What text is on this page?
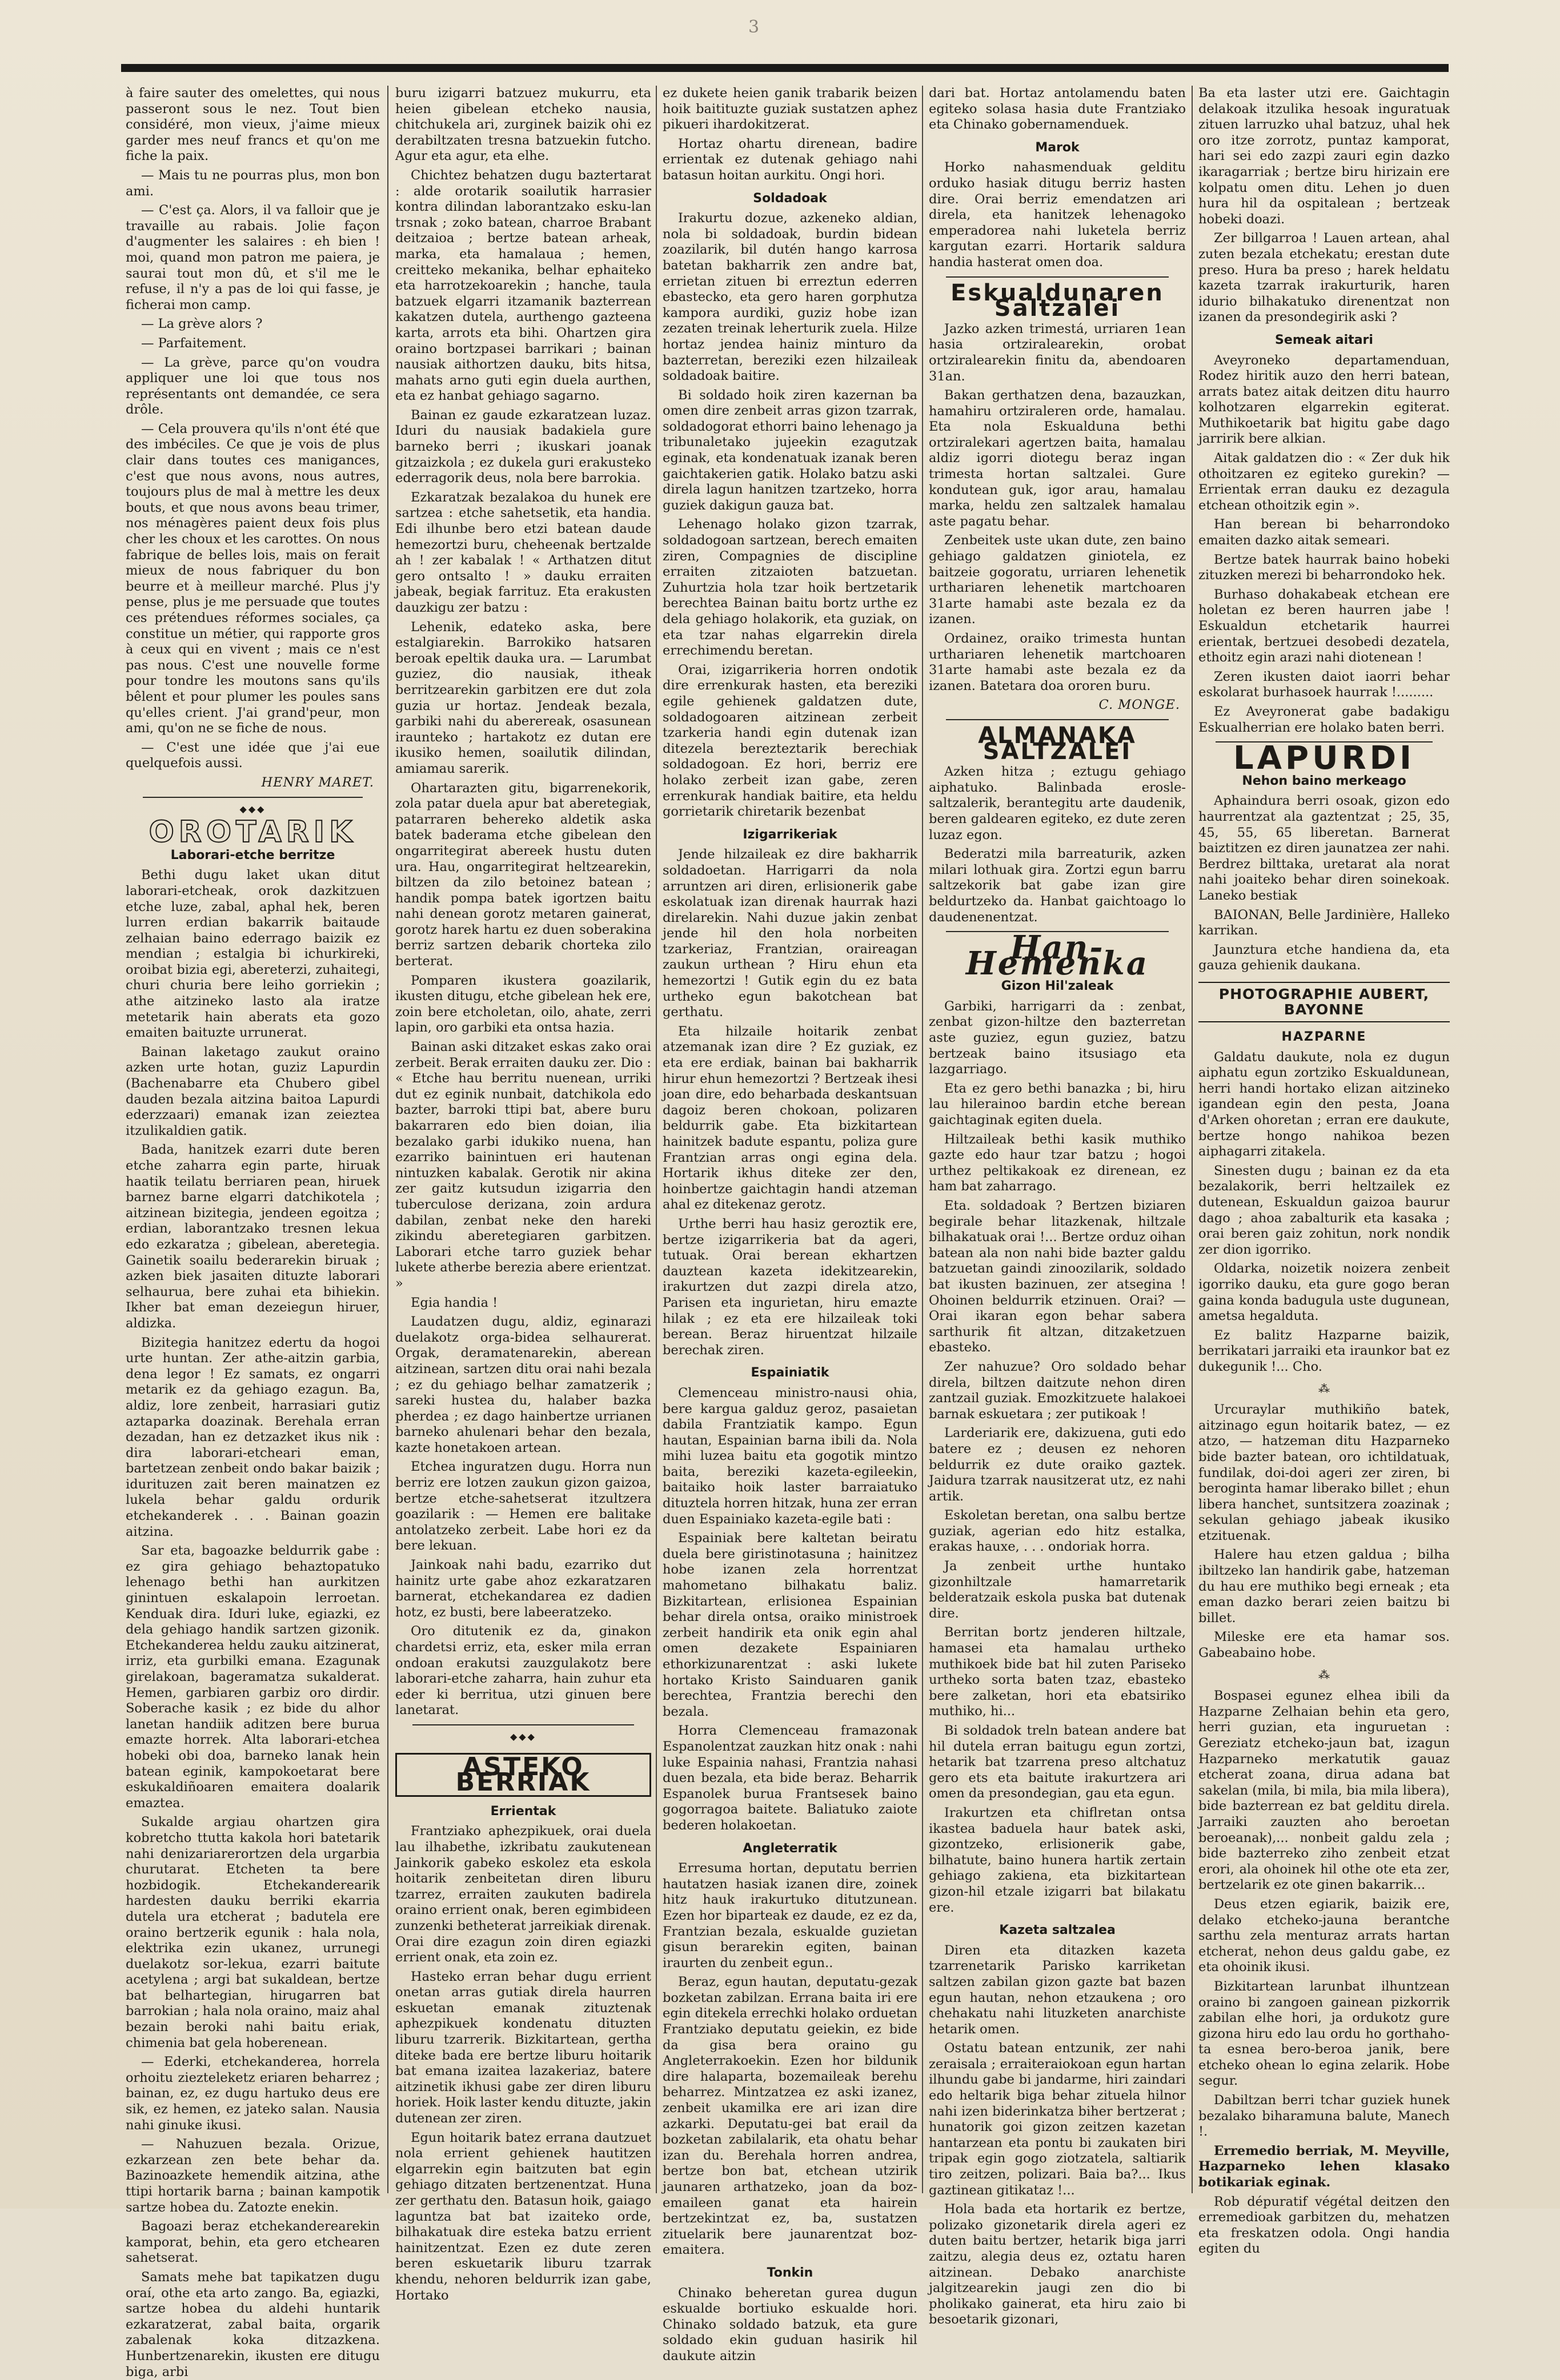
3

à faire sauter des omelettes, qui nous passeront sous le nez. Tout bien considéré, mon vieux, j'aime mieux garder mes neuf francs et qu'on me fiche la paix.

— Mais tu ne pourras plus, mon bon ami.

— C'est ça. Alors, il va falloir que je travaille au rabais. Jolie façon d'augmenter les salaires : eh bien ! moi, quand mon patron me paiera, je saurai tout mon dû, et s'il me le refuse, il n'y a pas de loi qui fasse, je ficherai mon camp.

— La grève alors ?

— Parfaitement.

— La grève, parce qu'on voudra appliquer une loi que tous nos représentants ont demandée, ce sera drôle.

— Cela prouvera qu'ils n'ont été que des imbéciles. Ce que je vois de plus clair dans toutes ces manigances, c'est que nous avons, nous autres, toujours plus de mal à mettre les deux bouts, et que nous avons beau trimer, nos ménagères paient deux fois plus cher les choux et les carottes. On nous fabrique de belles lois, mais on ferait mieux de nous fabriquer du bon beurre et à meilleur marché. Plus j'y pense, plus je me persuade que toutes ces prétendues réformes sociales, ça constitue un métier, qui rapporte gros à ceux qui en vivent ; mais ce n'est pas nous. C'est une nouvelle forme pour tondre les moutons sans qu'ils bêlent et pour plumer les poules sans qu'elles crient. J'ai grand'peur, mon ami, qu'on ne se fiche de nous.

— C'est une idée que j'ai eue quelquefois aussi.

HENRY MARET.
◆◆◆
OROTARIK
Laborari-etche berritze

Bethi dugu laket ukan ditut laborari-etcheak, orok dazkitzuen etche luze, zabal, aphal hek, beren lurren erdian bakarrik baitaude zelhaian baino ederrago baizik ez mendian ; estalgia bi ichurkireki, oroibat bizia egi, abereterzi, zuhaitegi, churi churia bere leiho gorriekin ; athe aitzineko lasto ala iratze metetarik hain aberats eta gozo emaiten baituzte urrunerat.

Bainan laketago zaukut oraino azken urte hotan, guziz Lapurdin (Bachenabarre eta Chubero gibel dauden bezala aitzina baitoa Lapurdi ederzzaari) emanak izan zeieztea itzulikaldien gatik.

Bada, hanitzek ezarri dute beren etche zaharra egin parte, hiruak haatik teilatu berriaren pean, hiruek barnez barne elgarri datchikotela ; aitzinean bizitegia, jendeen egoitza ; erdian, laborantzako tresnen lekua edo ezkaratza ; gibelean, aberetegia. Gainetik soailu bederarekin biruak ; azken biek jasaiten dituzte laborari selhaurua, bere zuhai eta bihiekin. Ikher bat eman dezeiegun hiruer, aldizka.

Bizitegia hanitzez edertu da hogoi urte huntan. Zer athe-aitzin garbia, dena legor ! Ez samats, ez ongarri metarik ez da gehiago ezagun. Ba, aldiz, lore zenbeit, harrasiari gutiz aztaparka doazinak. Berehala erran dezadan, han ez detzazket ikus nik : dira laborari-etcheari eman, bartetzean zenbeit ondo bakar baizik ; idurituzen zait beren mainatzen ez lukela behar galdu ordurik etchekanderek . . . Bainan goazin aitzina.

Sar eta, bagoazke beldurrik gabe : ez gira gehiago behaztopatuko lehenago bethi han aurkitzen ginintuen eskalapoin lerroetan. Kenduak dira. Iduri luke, egiazki, ez dela gehiago handik sartzen gizonik. Etchekanderea heldu zauku aitzinerat, irriz, eta gurbilki emana. Ezagunak girelakoan, bageramatza sukalderat. Hemen, garbiaren garbiz oro dirdir. Soberache kasik ; ez bide du alhor lanetan handiik aditzen bere burua emazte horrek. Alta laborari-etchea hobeki obi doa, barneko lanak hein batean eginik, kampokoetarat bere eskukaldiñoaren emaitera doalarik emaztea.

Sukalde argiau ohartzen gira kobretcho ttutta kakola hori batetarik nahi denizariarerortzen dela urgarbia churutarat. Etcheten ta bere hozbidogik. Etchekanderearik hardesten dauku berriki ekarria dutela ura etcherat ; badutela ere oraino bertzerik egunik : hala nola, elektrika ezin ukanez, urrunegi duelakotz sor-lekua, ezarri baitute acetylena ; argi bat sukaldean, bertze bat belhartegian, hirugarren bat barrokian ; hala nola oraino, maiz ahal bezain beroki nahi baitu eriak, chimenia bat gela hoberenean.

— Ederki, etchekanderea, horrela orhoitu ziezteleketz eriaren beharrez ; bainan, ez, ez dugu hartuko deus ere sik, ez hemen, ez jateko salan. Nausia nahi ginuke ikusi.

— Nahuzuen bezala. Orizue, ezkarzean zen bete behar da. Bazinoazkete hemendik aitzina, athe ttipi hortarik barna ; bainan kampotik sartze hobea du. Zatozte enekin.

Bagoazi beraz etchekanderearekin kamporat, behin, eta gero etchearen sahetserat.

Samats mehe bat tapikatzen dugu oraí, othe eta arto zango. Ba, egiazki, sartze hobea du aldehi huntarik ezkaratzerat, zabal baita, orgarik zabalenak koka ditzazkena. Hunbertzenarekin, ikusten ere ditugu biga, arbi

buru izigarri batzuez mukurru, eta heien gibelean etcheko nausia, chitchukela ari, zurginek baizik ohi ez derabiltzaten tresna batzuekin futcho. Agur eta agur, eta elhe.

Chichtez behatzen dugu baztertarat : alde orotarik soailutik harrasier kontra dilindan laborantzako esku-lan trsnak ; zoko batean, charroe Brabant deitzaioa ; bertze batean arheak, marka, eta hamalaua ; hemen, creitteko mekanika, belhar ephaiteko eta harrotzekoarekin ; hanche, taula batzuek elgarri itzamanik bazterrean kakatzen dutela, aurthengo gazteena karta, arrots eta bihi. Ohartzen gira oraino bortzpasei barrikari ; bainan nausiak aithortzen dauku, bits hitsa, mahats arno guti egin duela aurthen, eta ez hanbat gehiago sagarno.

Bainan ez gaude ezkaratzean luzaz. Iduri du nausiak badakiela gure barneko berri ; ikuskari joanak gitzaizkola ; ez dukela guri erakusteko ederragorik deus, nola bere barrokia.

Ezkaratzak bezalakoa du hunek ere sartzea : etche sahetsetik, eta handia. Edi ilhunbe bero etzi batean daude hemezortzi buru, cheheenak bertzalde ah ! zer kabalak ! « Arthatzen ditut gero ontsalto ! » dauku erraiten jabeak, begiak farrituz. Eta erakusten dauzkigu zer batzu :

Lehenik, edateko aska, bere estalgiarekin. Barrokiko hatsaren beroak epeltik dauka ura. — Larumbat guziez, dio nausiak, itheak berritzearekin garbitzen ere dut zola guzia ur hortaz. Jendeak bezala, garbiki nahi du aberereak, osasunean iraunteko ; hartakotz ez dutan ere ikusiko hemen, soailutik dilindan, amiamau sarerik.

Ohartarazten gitu, bigarrenekorik, zola patar duela apur bat aberetegiak, patarraren behereko aldetik aska batek baderama etche gibelean den ongarritegirat abereek hustu duten ura. Hau, ongarritegirat heltzearekin, biltzen da zilo betoinez batean ; handik pompa batek igortzen baitu nahi denean gorotz metaren gainerat, gorotz harek hartu ez duen soberakina berriz sartzen debarik chorteka zilo berterat.

Pomparen ikustera goazilarik, ikusten ditugu, etche gibelean hek ere, zoin bere etcholetan, oilo, ahate, zerri lapin, oro garbiki eta ontsa hazia.

Bainan aski ditzaket eskas zako orai zerbeit. Berak erraiten dauku zer. Dio : « Etche hau berritu nuenean, urriki dut ez eginik nunbait, datchikola edo bazter, barroki ttipi bat, abere buru bakarraren edo bien doian, ilia bezalako garbi idukiko nuena, han ezarriko bainintuen eri hautenan nintuzken kabalak. Gerotik nir akina zer gaitz kutsudun izigarria den tuberculose derizana, zoin ardura dabilan, zenbat neke den hareki zikindu aberetegiaren garbitzen. Laborari etche tarro guziek behar lukete atherbe berezia abere erientzat. »

Egia handia !

Laudatzen dugu, aldiz, eginarazi duelakotz orga-bidea selhaurerat. Orgak, deramatenarekin, aberean aitzinean, sartzen ditu orai nahi bezala ; ez du gehiago belhar zamatzerik ; sareki hustea du, halaber bazka pherdea ; ez dago hainbertze urrianen barneko ahulenari behar den bezala, kazte honetakoen artean.

Etchea inguratzen dugu. Horra nun berriz ere lotzen zaukun gizon gaizoa, bertze etche-sahetserat itzultzera goazilarik : — Hemen ere balitake antolatzeko zerbeit. Labe hori ez da bere lekuan.

Jainkoak nahi badu, ezarriko dut hainitz urte gabe ahoz ezkaratzaren barnerat, etchekandarea ez dadien hotz, ez busti, bere labeeratzeko.

Oro ditutenik ez da, ginakon chardetsi erriz, eta, esker mila erran ondoan erakutsi zauzgulakotz bere laborari-etche zaharra, hain zuhur eta eder ki berritua, utzi ginuen bere lanetarat.

◆◆◆
ASTEKO BERRIAK
Errientak

Frantziako aphezpikuek, orai duela lau ilhabethe, izkribatu zaukutenean Jainkorik gabeko eskolez eta eskola hoitarik zenbeitetan diren liburu tzarrez, erraiten zaukuten badirela oraino errient onak, beren egimbideen zunzenki betheterat jarreikiak direnak. Orai dire ezagun zoin diren egiazki errient onak, eta zoin ez.

Hasteko erran behar dugu errient onetan arras gutiak direla haurren eskuetan emanak zituztenak aphezpikuek kondenatu dituzten liburu tzarrerik. Bizkitartean, gertha diteke bada ere bertze liburu hoitarik bat emana izaitea lazakeriaz, batere aitzinetik ikhusi gabe zer diren liburu horiek. Hoik laster kendu dituzte, jakin dutenean zer ziren.

Egun hoitarik batez errana dautzuet nola errient gehienek hautitzen elgarrekin egin baitzuten bat egin gehiago ditzaten bertzenentzat. Huna zer gerthatu den. Batasun hoik, gaiago laguntza bat bat izaiteko orde, bilhakatuak dire esteka batzu errient hainitzentzat. Ezen ez dute zeren beren eskuetarik liburu tzarrak khendu, nehoren beldurrik izan gabe, Hortako

ez dukete heien ganik trabarik beizen hoik baitituzte guziak sustatzen aphez pikueri ihardokitzerat.

Hortaz ohartu direnean, badire errientak ez dutenak gehiago nahi batasun hoitan aurkitu. Ongi hori.

Soldadoak

Irakurtu dozue, azkeneko aldian, nola bi soldadoak, burdin bidean zoazilarik, bil dutén hango karrosa batetan bakharrik zen andre bat, errietan zituen bi erreztun ederren ebastecko, eta gero haren gorphutza kampora aurdiki, guziz hobe izan zezaten treinak leherturik zuela. Hilze hortaz jendea hainiz minturo da bazterretan, bereziki ezen hilzaileak soldadoak baitire.

Bi soldado hoik ziren kazernan ba omen dire zenbeit arras gizon tzarrak, soldadogorat ethorri baino lehenago ja tribunaletako jujeekin ezagutzak eginak, eta kondenatuak izanak beren gaichtakerien gatik. Holako batzu aski direla lagun hanitzen tzartzeko, horra guziek dakigun gauza bat.

Lehenago holako gizon tzarrak, soldadogoan sartzean, berech emaiten ziren, Compagnies de discipline erraiten zitzaioten batzuetan. Zuhurtzia hola tzar hoik bertzetarik berechtea Bainan baitu bortz urthe ez dela gehiago holakorik, eta guziak, on eta tzar nahas elgarrekin direla errechimendu beretan.

Orai, izigarrikeria horren ondotik dire errenkurak hasten, eta bereziki egile gehienek galdatzen dute, soldadogoaren aitzinean zerbeit tzarkeria handi egin dutenak izan ditezela berezteztarik berechiak soldadogoan. Ez hori, berriz ere holako zerbeit izan gabe, zeren errenkurak handiak baitire, eta heldu gorrietarik chiretarik bezenbat

Izigarrikeriak

Jende hilzaileak ez dire bakharrik soldadoetan. Harrigarri da nola arruntzen ari diren, erlisionerik gabe eskolatuak izan direnak haurrak hazi direlarekin. Nahi duzue jakin zenbat jende hil den hola norbeiten tzarkeriaz, Frantzian, oraireagan zaukun urthean ? Hiru ehun eta hemezortzi ! Gutik egin du ez bata urtheko egun bakotchean bat gerthatu.

Eta hilzaile hoitarik zenbat atzemanak izan dire ? Ez guziak, ez eta ere erdiak, bainan bai bakharrik hirur ehun hemezortzi ? Bertzeak ihesi joan dire, edo beharbada deskantsuan dagoiz beren chokoan, polizaren beldurrik gabe. Eta bizkitartean hainitzek badute espantu, poliza gure Frantzian arras ongi egina dela. Hortarik ikhus diteke zer den, hoinbertze gaichtagin handi atzeman ahal ez ditekenaz gerotz.

Urthe berri hau hasiz geroztik ere, bertze izigarrikeria bat da ageri, tutuak. Orai berean ekhartzen dauztean kazeta idekitzearekin, irakurtzen dut zazpi direla atzo, Parisen eta ingurietan, hiru emazte hilak ; ez eta ere hilzaileak toki berean. Beraz hiruentzat hilzaile berechak ziren.

Espainiatik

Clemenceau ministro-nausi ohia, bere kargua galduz geroz, pasaietan dabila Frantziatik kampo. Egun hautan, Espainian barna ibili da. Nola mihi luzea baitu eta gogotik mintzo baita, bereziki kazeta-egileekin, baitaiko hoik laster barraiatuko dituztela horren hitzak, huna zer erran duen Espainiako kazeta-egile bati :

Espainiak bere kaltetan beiratu duela bere giristinotasuna ; hainitzez hobe izanen zela horrentzat mahometano bilhakatu baliz. Bizkitartean, erlisionea Espainian behar direla ontsa, oraiko ministroek zerbeit handirik eta onik egin ahal omen dezakete Espainiaren ethorkizunarentzat : aski lukete hortako Kristo Sainduaren ganik berechtea, Frantzia berechi den bezala.

Horra Clemenceau framazonak Espanolentzat zauzkan hitz onak : nahi luke Espainia nahasi, Frantzia nahasi duen bezala, eta bide beraz. Beharrik Espanolek burua Frantsesek baino gogorragoa baitete. Baliatuko zaiote bederen holakoetan.

Angleterratik

Erresuma hortan, deputatu berrien hautatzen hasiak izanen dire, zoinek hitz hauk irakurtuko ditutzunean. Ezen hor biparteak ez daude, ez ez da, Frantzian bezala, eskualde guzietan gisun berarekin egiten, bainan iraurten du zenbeit egun..

Beraz, egun hautan, deputatu-gezak bozketan zabilzan. Errana baita iri ere egin ditekela errechki holako orduetan Frantziako deputatu geiekin, ez bide da gisa bera oraino gu Angleterrakoekin. Ezen hor bildunik dire halaparta, bozemaileak berehu beharrez. Mintzatzea ez aski izanez, zenbeit ukamilka ere ari izan dire azkarki. Deputatu-gei bat erail da bozketan zabilalarik, eta ohatu behar izan du. Berehala horren andrea, bertze bon bat, etchean utzirik jaunaren arthatzeko, joan da boz-emaileen ganat eta hairein bertzekintzat ez, ba, sustatzen zituelarik bere jaunarentzat boz-emaitera.

Tonkin

Chinako beheretan gurea dugun eskualde bortiuko eskualde hori. Chinako soldado batzuk, eta gure soldado ekin guduan hasirik hil daukute aitzin

dari bat. Hortaz antolamendu baten egiteko solasa hasia dute Frantziako eta Chinako gobernamenduek.

Marok

Horko nahasmenduak gelditu orduko hasiak ditugu berriz hasten dire. Orai berriz emendatzen ari direla, eta hanitzek lehenagoko emperadorea nahi luketela berriz kargutan ezarri. Hortarik saldura handia hasterat omen doa.

Eskualdunaren Saltzalei

Jazko azken trimestá, urriaren 1ean hasia ortziralearekin, orobat ortziralearekin finitu da, abendoaren 31an.

Bakan gerthatzen dena, bazauzkan, hamahiru ortziraleren orde, hamalau. Eta nola Eskualduna bethi ortziralekari agertzen baita, hamalau aldiz igorri diotegu beraz ingan trimesta hortan saltzalei. Gure kondutean guk, igor arau, hamalau marka, heldu zen saltzalek hamalau aste pagatu behar.

Zenbeitek uste ukan dute, zen baino gehiago galdatzen giniotela, ez baitzeie gogoratu, urriaren lehenetik urthariaren lehenetik martchoaren 31arte hamabi aste bezala ez da izanen.

Ordainez, oraiko trimesta huntan urthariaren lehenetik martchoaren 31arte hamabi aste bezala ez da izanen. Batetara doa ororen buru.

C. MONGE.
ALMANAKA SALTZALEI

Azken hitza ; eztugu gehiago aiphatuko. Balinbada erosle-saltzalerik, berantegitu arte daudenik, beren galdearen egiteko, ez dute zeren luzaz egon.

Bederatzi mila barreaturik, azken milari lothuak gira. Zortzi egun barru saltzekorik bat gabe izan gire beldurtzeko da. Hanbat gaichtoago lo daudenenentzat.

Han-Hemenka
Gizon Hil'zaleak

Garbiki, harrigarri da : zenbat, zenbat gizon-hiltze den bazterretan aste guziez, egun guziez, batzu bertzeak baino itsusiago eta lazgarriago.

Eta ez gero bethi banazka ; bi, hiru lau hilerainoo bardin etche berean gaichtaginak egiten duela.

Hiltzaileak bethi kasik muthiko gazte edo haur tzar batzu ; hogoi urthez peltikakoak ez direnean, ez ham bat zaharrago.

Eta. soldadoak ? Bertzen biziaren begirale behar litazkenak, hiltzale bilhakatuak orai !... Bertze orduz oihan batean ala non nahi bide bazter galdu batzuetan gaindi zinoozilarik, soldado bat ikusten bazinuen, zer atsegina ! Ohoinen beldurrik etzinuen. Orai? — Orai ikaran egon behar sabera sarthurik fit altzan, ditzaketzuen ebasteko.

Zer nahuzue? Oro soldado behar direla, biltzen daitzute nehon diren zantzail guziak. Emozkitzuete halakoei barnak eskuetara ; zer putikoak !

Larderiarik ere, dakizuena, guti edo batere ez ; deusen ez nehoren beldurrik ez dute oraiko gaztek. Jaidura tzarrak nausitzerat utz, ez nahi artik.

Eskoletan beretan, ona salbu bertze guziak, agerian edo hitz estalka, erakas hauxe, . . . ondoriak horra.

Ja zenbeit urthe huntako gizonhiltzale hamarretarik belderatzaik eskola puska bat dutenak dire.

Berritan bortz jenderen hiltzale, hamasei eta hamalau urtheko muthikoek bide bat hil zuten Pariseko urtheko sorta baten tzaz, ebasteko bere zalketan, hori eta ebatsiriko muthiko, hi...

Bi soldadok treln batean andere bat hil dutela erran baitugu egun zortzi, hetarik bat tzarrena preso altchatuz gero ets eta baitute irakurtzera ari omen da presondegian, gau eta egun.

Irakurtzen eta chiflretan ontsa ikastea baduela haur batek aski, gizontzeko, erlisionerik gabe, bilhatute, baino hunera hartik zertain gehiago zakiena, eta bizkitartean gizon-hil etzale izigarri bat bilakatu ere.

Kazeta saltzalea

Diren eta ditazken kazeta tzarrenetarik Parisko karriketan saltzen zabilan gizon gazte bat bazen egun hautan, nehon etzaukena ; oro chehakatu nahi lituzketen anarchiste hetarik omen.

Ostatu batean entzunik, zer nahi zeraisala ; erraiteraiokoan egun hartan ilhundu gabe bi jandarme, hiri zaindari edo heltarik biga behar zituela hilnor nahi izen biderinkatza biher bertzerat ; hunatorik goi gizon zeitzen kazetan hantarzean eta pontu bi zaukaten biri tripak egin gogo ziotzatela, saltiarik tiro zeitzen, polizari. Baia ba?... Ikus gaztinean gitikataz !...

Hola bada eta hortarik ez bertze, polizako gizonetarik direla ageri ez duten baitu bertzer, hetarik biga jarri zaitzu, alegia deus ez, oztatu haren aitzinean. Debako anarchiste jalgitzearekin jaugi zen dio bi pholikako gainerat, eta hiru zaio bi besoetarik gizonari,

Ba eta laster utzi ere. Gaichtagin delakoak itzulika hesoak inguratuak zituen larruzko uhal batzuz, uhal hek oro itze zorrotz, puntaz kamporat, hari sei edo zazpi zauri egin dazko ikaragarriak ; bertze biru hirizain ere kolpatu omen ditu. Lehen jo duen hura hil da ospitalean ; bertzeak hobeki doazi.

Zer billgarroa ! Lauen artean, ahal zuten bezala etchekatu; erestan dute preso. Hura ba preso ; harek heldatu kazeta tzarrak irakurturik, haren idurio bilhakatuko direnentzat non izanen da presondegirik aski ?

Semeak aitari

Aveyroneko departamenduan, Rodez hiritik auzo den herri batean, arrats batez aitak deitzen ditu haurro kolhotzaren elgarrekin egiterat. Muthikoetarik bat higitu gabe dago jarririk bere alkian.

Aitak galdatzen dio : « Zer duk hik othoitzaren ez egiteko gurekin? — Errientak erran dauku ez dezagula etchean othoitzik egin ».

Han berean bi beharrondoko emaiten dazko aitak semeari.

Bertze batek haurrak baino hobeki zituzken merezi bi beharrondoko hek.

Burhaso dohakabeak etchean ere holetan ez beren haurren jabe ! Eskualdun etchetarik haurrei erientak, bertzuei desobedi dezatela, ethoitz egin arazi nahi diotenean !

Zeren ikusten daiot iaorri behar eskolarat burhasoek haurrak !.........

Ez Aveyronerat gabe badakigu Eskualherrian ere holako baten berri.

LAPURDI
Nehon baino merkeago

Aphaindura berri osoak, gizon edo haurrentzat ala gaztentzat ; 25, 35, 45, 55, 65 liberetan. Barnerat baiztitzen ez diren jaunatzea zer nahi. Berdrez bilttaka, uretarat ala norat nahi joaiteko behar diren soinekoak. Laneko bestiak

BAIONAN, Belle Jardinière, Halleko karrikan.

Jaunztura etche handiena da, eta gauza gehienik daukana.

PHOTOGRAPHIE AUBERT, BAYONNE
HAZPARNE

Galdatu daukute, nola ez dugun aiphatu egun zortziko Eskualdunean, herri handi hortako elizan aitzineko igandean egin den pesta, Joana d'Arken ohoretan ; erran ere daukute, bertze hongo nahikoa bezen aiphagarri zitakela.

Sinesten dugu ; bainan ez da eta bezalakorik, berri heltzailek ez dutenean, Eskualdun gaizoa baurur dago ; ahoa zabalturik eta kasaka ; orai beren gaiz zohitun, nork nondik zer dion igorriko.

Oldarka, noizetik noizera zenbeit igorriko dauku, eta gure gogo beran gaina konda badugula uste dugunean, ametsa hegalduta.

Ez balitz Hazparne baizik, berrikatari jarraiki eta iraunkor bat ez dukegunik !... Cho.

⁂

Urcuraylar muthikiño batek, aitzinago egun hoitarik batez, — ez atzo, — hatzeman ditu Hazparneko bide bazter batean, oro ichtildatuak, fundilak, doi-doi ageri zer ziren, bi beroginta hamar liberako billet ; ehun libera hanchet, suntsitzera zoazinak ; sekulan gehiago jabeak ikusiko etzituenak.

Halere hau etzen galdua ; bilha ibiltzeko lan handirik gabe, hatzeman du hau ere muthiko begi erneak ; eta eman dazko berari zeien baitzu bi billet.

Mileske ere eta hamar sos. Gabeabaino hobe.

⁂

Bospasei egunez elhea ibili da Hazparne Zelhaian behin eta gero, herri guzian, eta inguruetan : Gereziatz etcheko-jaun bat, izagun Hazparneko merkatutik gauaz etcherat zoana, dirua adana bat sakelan (mila, bi mila, bia mila libera), bide bazterrean ez bat gelditu direla. Jarraiki zauzten aho beroetan beroeanak),... nonbeit galdu zela ; bide bazterreko ziho zenbeit etzat erori, ala ohoinek hil othe ote eta zer, bertzelarik ez ote ginen bakarrik...

Deus etzen egiarik, baizik ere, delako etcheko-jauna berantche sarthu zela menturaz arrats hartan etcherat, nehon deus galdu gabe, ez eta ohoinik ikusi.

Bizkitartean larunbat ilhuntzean oraino bi zangoen gainean pizkorrik zabilan elhe hori, ja ordukotz gure gizona hiru edo lau ordu ho gorthaho-ta esnea bero-beroa janik, bere etcheko ohean lo egina zelarik. Hobe segur.

Dabiltzan berri tchar guziek hunek bezalako biharamuna balute, Manech !.

Erremedio berriak, M. Meyville, Hazparneko lehen klasako botikariak eginak.

Rob dépuratif végétal deitzen den erremedioak garbitzen du, mehatzen eta freskatzen odola. Ongi handia egiten du
